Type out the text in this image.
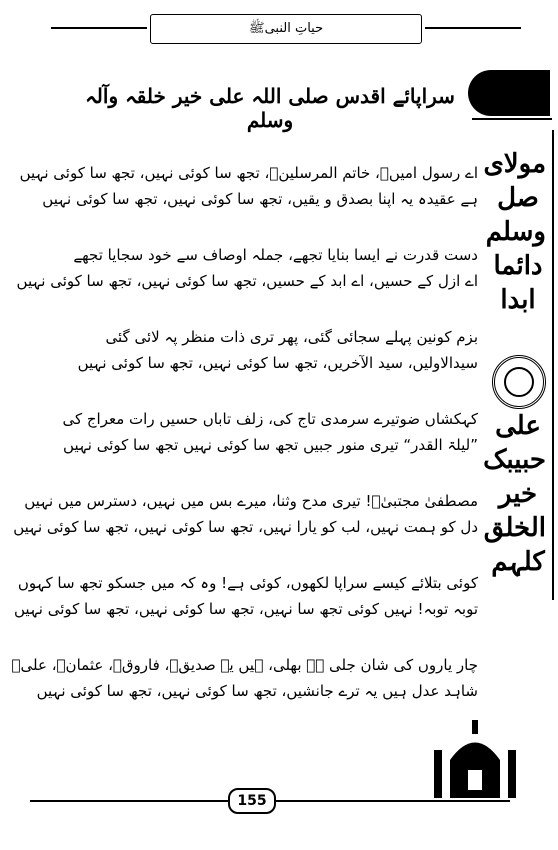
حیاتِ النبیﷺ
مولای
صل
وسلم
دائما
ابدا
علی
حبیبک
خیر
الخلق
کلہم
سراپائے اقدس صلی اللہ علی خیر خلقہ وآلہ وسلم
اے رسول امیںؐ، خاتم المرسلینؐ، تجھ سا کوئی نہیں، تجھ سا کوئی نہیں
ہے عقیدہ یہ اپنا بصدق و یقیں، تجھ سا کوئی نہیں، تجھ سا کوئی نہیں
دست قدرت نے ایسا بنایا تجھے، جملہ اوصاف سے خود سجایا تجھے
اے ازل کے حسیں، اے ابد کے حسیں، تجھ سا کوئی نہیں، تجھ سا کوئی نہیں
بزم کونین پہلے سجائی گئی، پھر تری ذات منظر پہ لائی گئی
سیدالاولیں، سید الآخریں، تجھ سا کوئی نہیں، تجھ سا کوئی نہیں
کہکشاں ضوتیرے سرمدی تاج کی، زلف تاباں حسیں رات معراج کی
”لیلۃ القدر“ تیری منور جبیں تجھ سا کوئی نہیں تجھ سا کوئی نہیں
مصطفیٰ مجتبیٰؐ! تیری مدح وثنا، میرے بس میں نہیں، دسترس میں نہیں
دل کو ہمت نہیں، لب کو یارا نہیں، تجھ سا کوئی نہیں، تجھ سا کوئی نہیں
کوئی بتلائے کیسے سراپا لکھوں، کوئی ہے! وہ کہ میں جسکو تجھ سا کہوں
توبہ توبہ! نہیں کوئی تجھ سا نہیں، تجھ سا کوئی نہیں، تجھ سا کوئی نہیں
چار یاروں کی شان جلی ہے بھلی، ہیں یہ صدیقؓ، فاروقؓ، عثمانؓ، علیؓ
شاہد عدل ہیں یہ ترے جانشیں، تجھ سا کوئی نہیں، تجھ سا کوئی نہیں
155
